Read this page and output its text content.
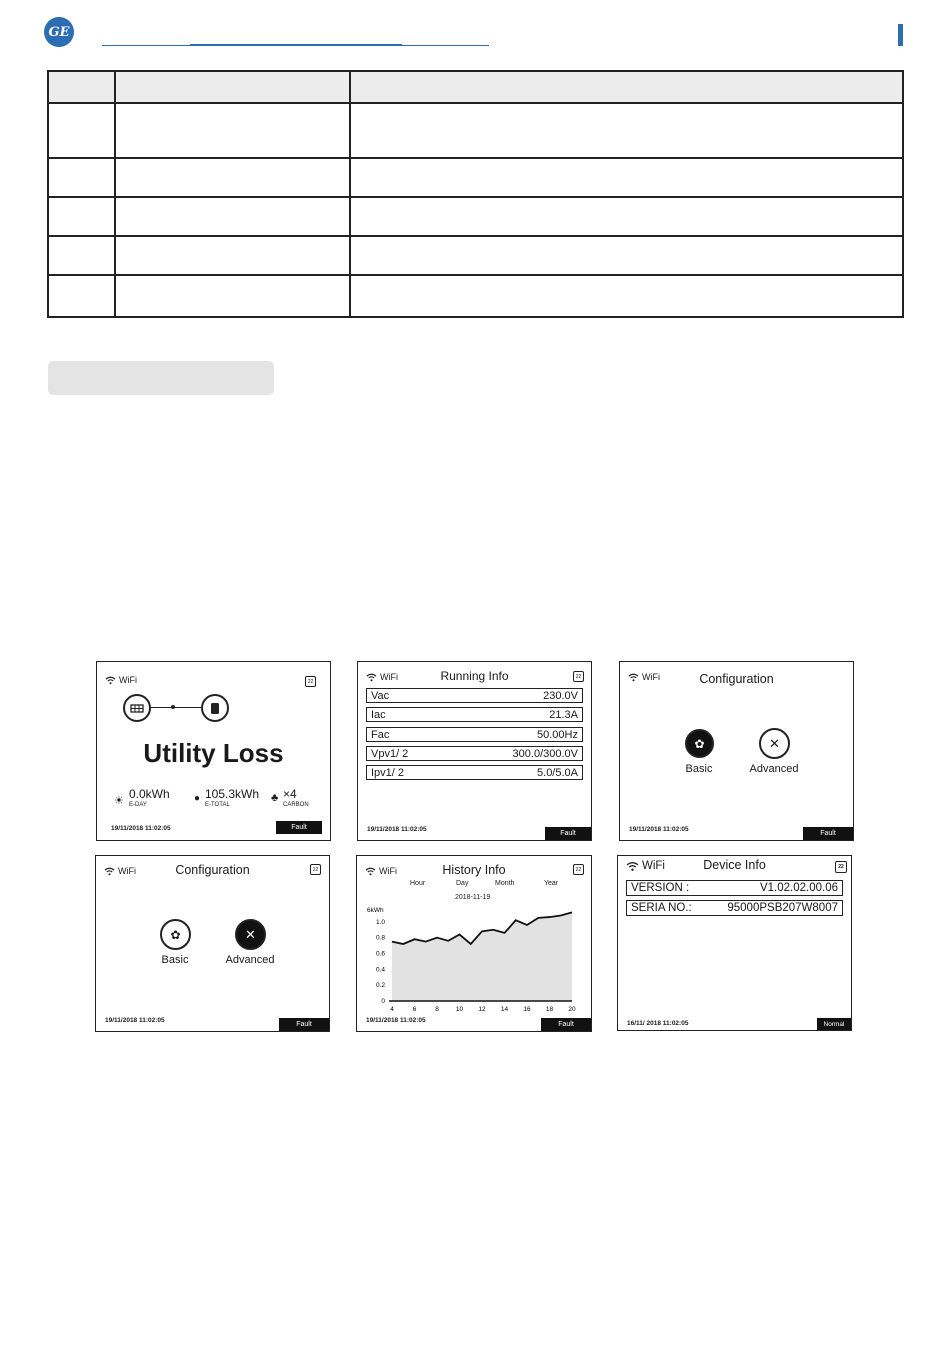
GE

WiFi	22
Utility Loss
☀ 0.0kWh
E-DAY
● 105.3kWh
E-TOTAL
♣ ×4
CARBON
19/11/2018 11:02:05	Fault
WiFi	22
Running Info
Vac	230.0V
Iac	21.3A
Fac	50.00Hz
Vpv1/ 2	300.0/300.0V
Ipv1/ 2	5.0/5.0A
19/11/2018 11:02:05
Fault
WiFi	Configuration
✿	✕
Basic	Advanced
19/11/2018 11:02:05
Fault
WiFi	22
Configuration
✿	✕
Basic	Advanced
19/11/2018 11:02:05
Fault
WiFi	22
History Info
Hour	Day	Month	Year
2018-11-19
6kWh
0
0.2
0.4
0.6
0.8
1.0
4	6	8	10 12 14 16 18 20
19/11/2018 11:02:05
Fault
WiFi	22
Device Info
VERSION :	V1.02.02.00.06
SERIA NO.:	95000PSB207W8007
16/11/ 2018 11:02:05	Normal
